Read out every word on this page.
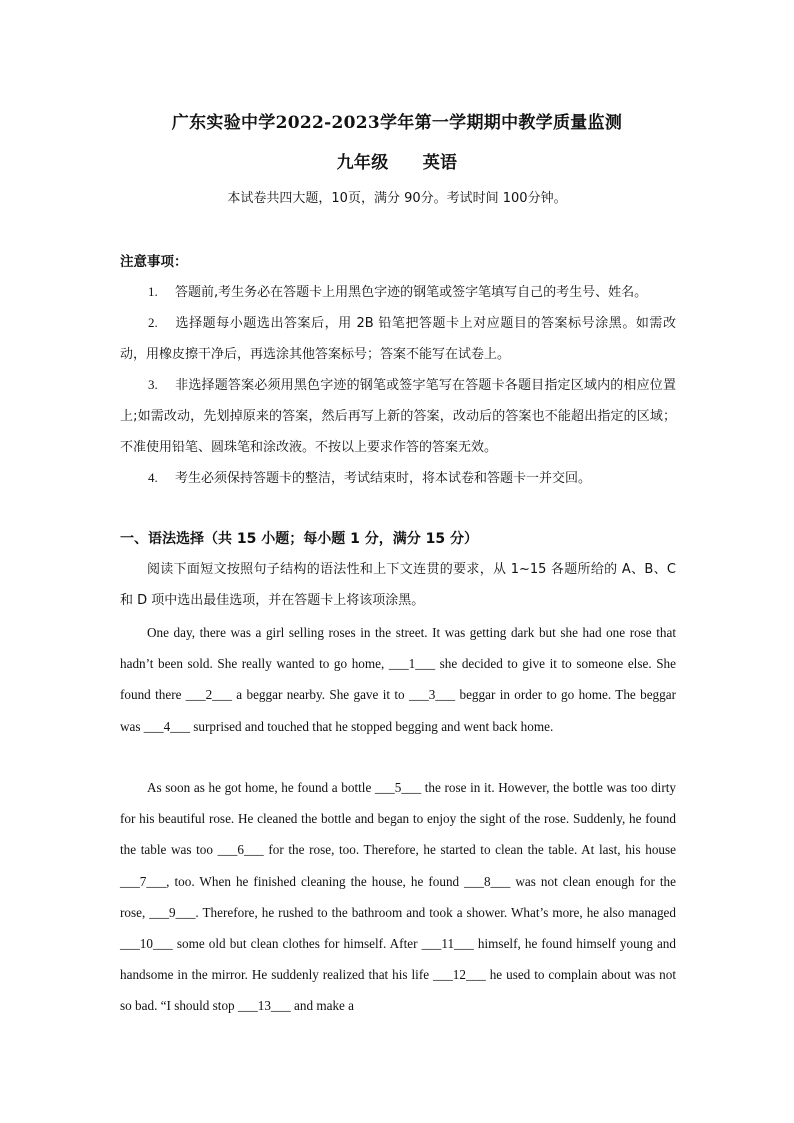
广东实验中学2022-2023学年第一学期期中教学质量监测
九年级 英语
本试卷共四大题，10页，满分 90分。考试时间 100分钟。
注意事项：
1. 答题前,考生务必在答题卡上用黑色字迹的钢笔或签字笔填写自己的考生号、姓名。
2. 选择题每小题选出答案后，用 2B 铅笔把答题卡上对应题目的答案标号涂黑。如需改动，用橡皮擦干净后，再选涂其他答案标号；答案不能写在试卷上。
3. 非选择题答案必须用黑色字迹的钢笔或签字笔写在答题卡各题目指定区域内的相应位置上;如需改动，先划掉原来的答案，然后再写上新的答案，改动后的答案也不能超出指定的区域；不准使用铅笔、圆珠笔和涂改液。不按以上要求作答的答案无效。
4. 考生必须保持答题卡的整洁，考试结束时，将本试卷和答题卡一并交回。
一、语法选择（共 15 小题；每小题 1 分，满分 15 分）
阅读下面短文按照句子结构的语法性和上下文连贯的要求，从 1~15 各题所给的 A、B、C 和 D 项中选出最佳选项，并在答题卡上将该项涂黑。
One day, there was a girl selling roses in the street. It was getting dark but she had one rose that hadn’t been sold. She really wanted to go home, ___1___ she decided to give it to someone else. She found there ___2___ a beggar nearby. She gave it to ___3___ beggar in order to go home. The beggar was ___4___ surprised and touched that he stopped begging and went back home.
As soon as he got home, he found a bottle ___5___ the rose in it. However, the bottle was too dirty for his beautiful rose. He cleaned the bottle and began to enjoy the sight of the rose. Suddenly, he found the table was too ___6___ for the rose, too. Therefore, he started to clean the table. At last, his house ___7___, too. When he finished cleaning the house, he found ___8___ was not clean enough for the rose, ___9___. Therefore, he rushed to the bathroom and took a shower. What’s more, he also managed ___10___ some old but clean clothes for himself. After ___11___ himself, he found himself young and handsome in the mirror. He suddenly realized that his life ___12___ he used to complain about was not so bad. “I should stop ___13___ and make a
